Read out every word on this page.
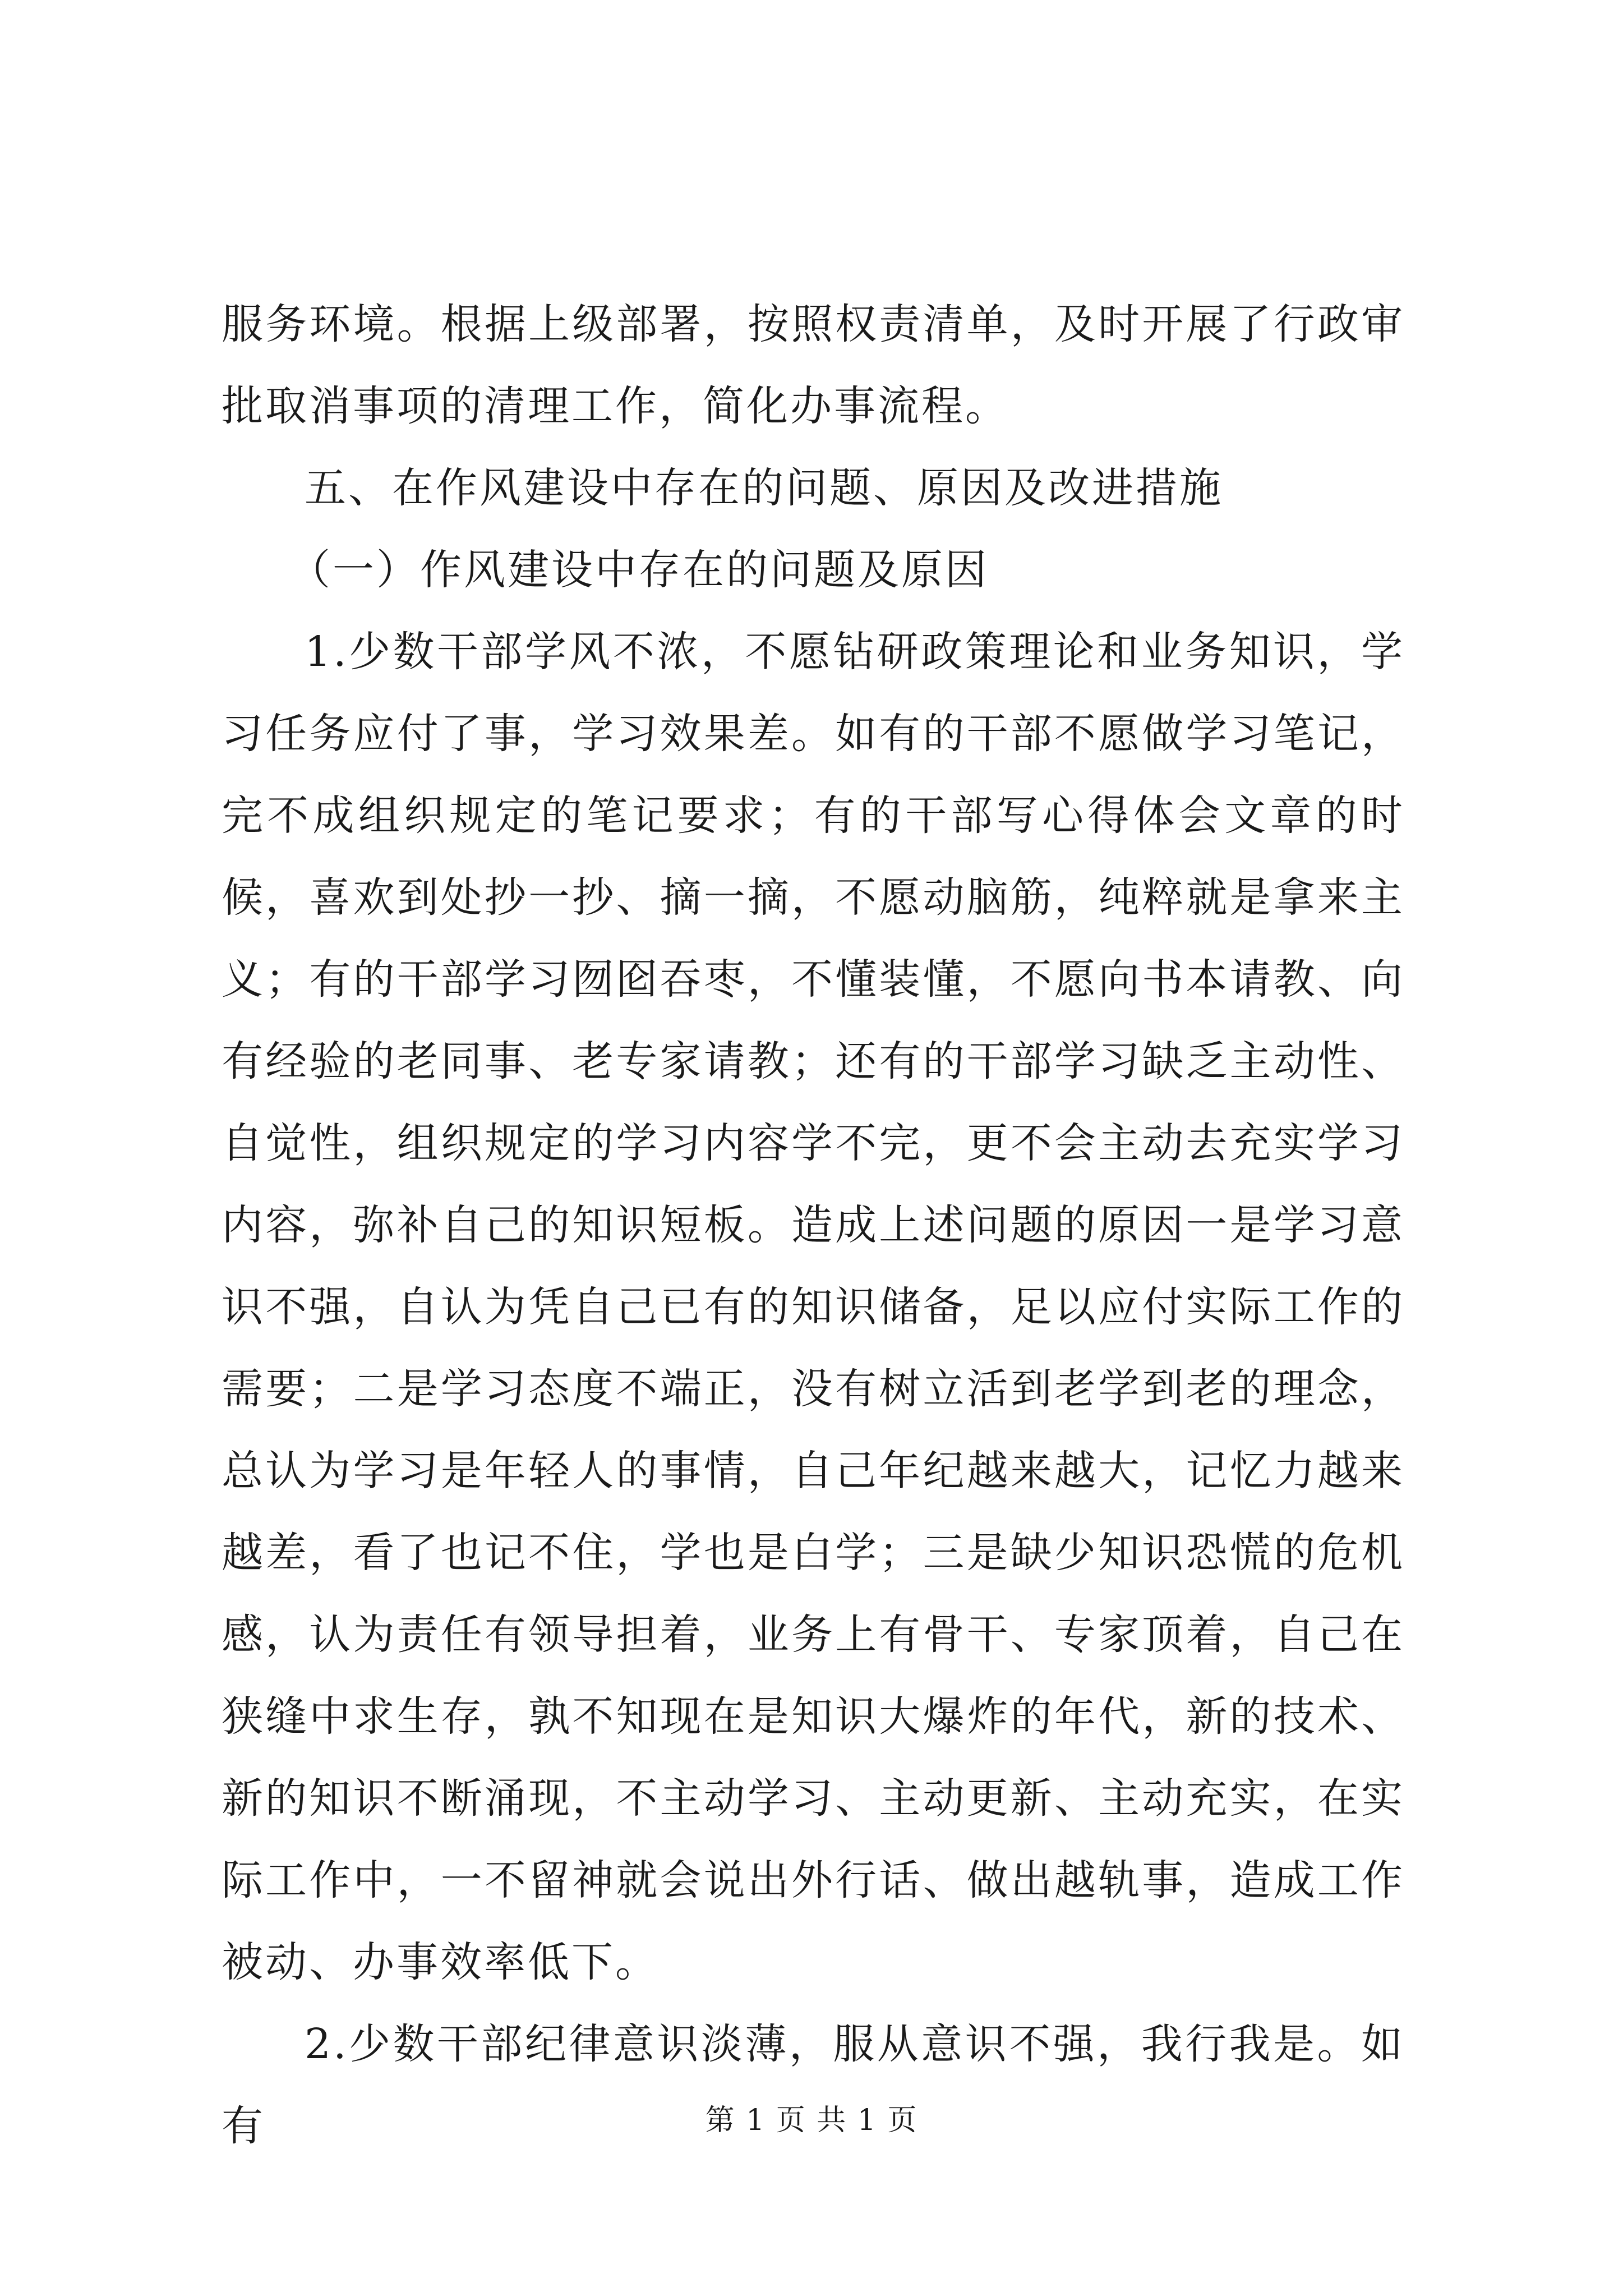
服务环境。根据上级部署，按照权责清单，及时开展了行政审批取消事项的清理工作，简化办事流程。

五、在作风建设中存在的问题、原因及改进措施

（一）作风建设中存在的问题及原因

1.少数干部学风不浓，不愿钻研政策理论和业务知识，学习任务应付了事，学习效果差。如有的干部不愿做学习笔记，完不成组织规定的笔记要求；有的干部写心得体会文章的时候，喜欢到处抄一抄、摘一摘，不愿动脑筋，纯粹就是拿来主义；有的干部学习囫囵吞枣，不懂装懂，不愿向书本请教、向有经验的老同事、老专家请教；还有的干部学习缺乏主动性、自觉性，组织规定的学习内容学不完，更不会主动去充实学习内容，弥补自己的知识短板。造成上述问题的原因一是学习意识不强，自认为凭自己已有的知识储备，足以应付实际工作的需要；二是学习态度不端正，没有树立活到老学到老的理念，总认为学习是年轻人的事情，自己年纪越来越大，记忆力越来越差，看了也记不住，学也是白学；三是缺少知识恐慌的危机感，认为责任有领导担着，业务上有骨干、专家顶着，自己在狭缝中求生存，孰不知现在是知识大爆炸的年代，新的技术、新的知识不断涌现，不主动学习、主动更新、主动充实，在实际工作中，一不留神就会说出外行话、做出越轨事，造成工作被动、办事效率低下。

2.少数干部纪律意识淡薄，服从意识不强，我行我是。如有	第 1 页 共 1 页
